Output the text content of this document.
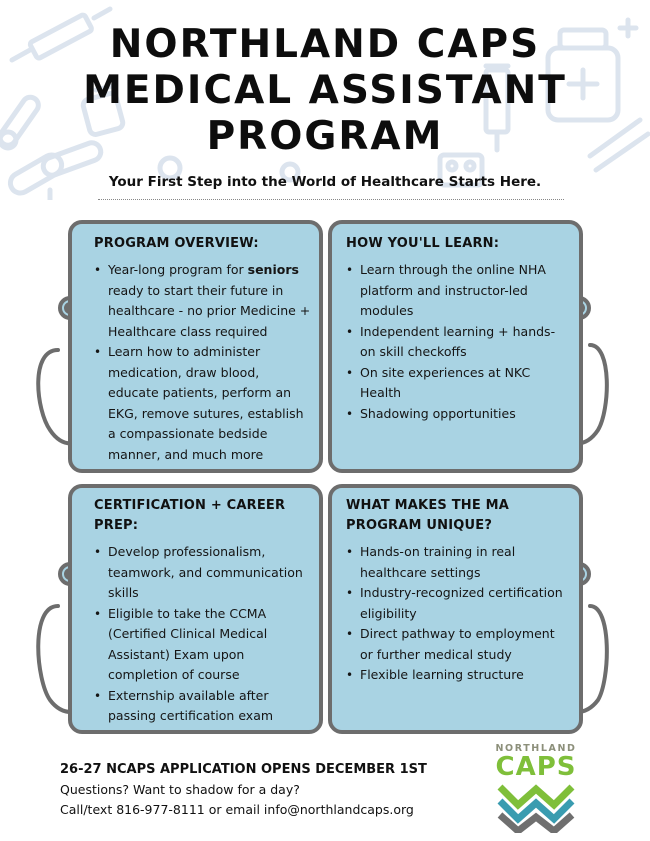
NORTHLAND CAPS
MEDICAL ASSISTANT
PROGRAM
Your First Step into the World of Healthcare Starts Here.
PROGRAM OVERVIEW:
• Year-long program for seniors ready to start their future in healthcare - no prior Medicine + Healthcare class required
• Learn how to administer medication, draw blood, educate patients, perform an EKG, remove sutures, establish a compassionate bedside manner, and much more
HOW YOU'LL LEARN:
• Learn through the online NHA platform and instructor-led modules
• Independent learning + hands-on skill checkoffs
• On site experiences at NKC Health
• Shadowing opportunities
CERTIFICATION + CAREER PREP:
• Develop professionalism, teamwork, and communication skills
• Eligible to take the CCMA (Certified Clinical Medical Assistant) Exam upon completion of course
• Externship available after passing certification exam
WHAT MAKES THE MA PROGRAM UNIQUE?
• Hands-on training in real healthcare settings
• Industry-recognized certification eligibility
• Direct pathway to employment or further medical study
• Flexible learning structure
26-27 NCAPS APPLICATION OPENS DECEMBER 1ST
Questions? Want to shadow for a day?
Call/text 816-977-8111 or email info@northlandcaps.org
NORTHLAND
CAPS
